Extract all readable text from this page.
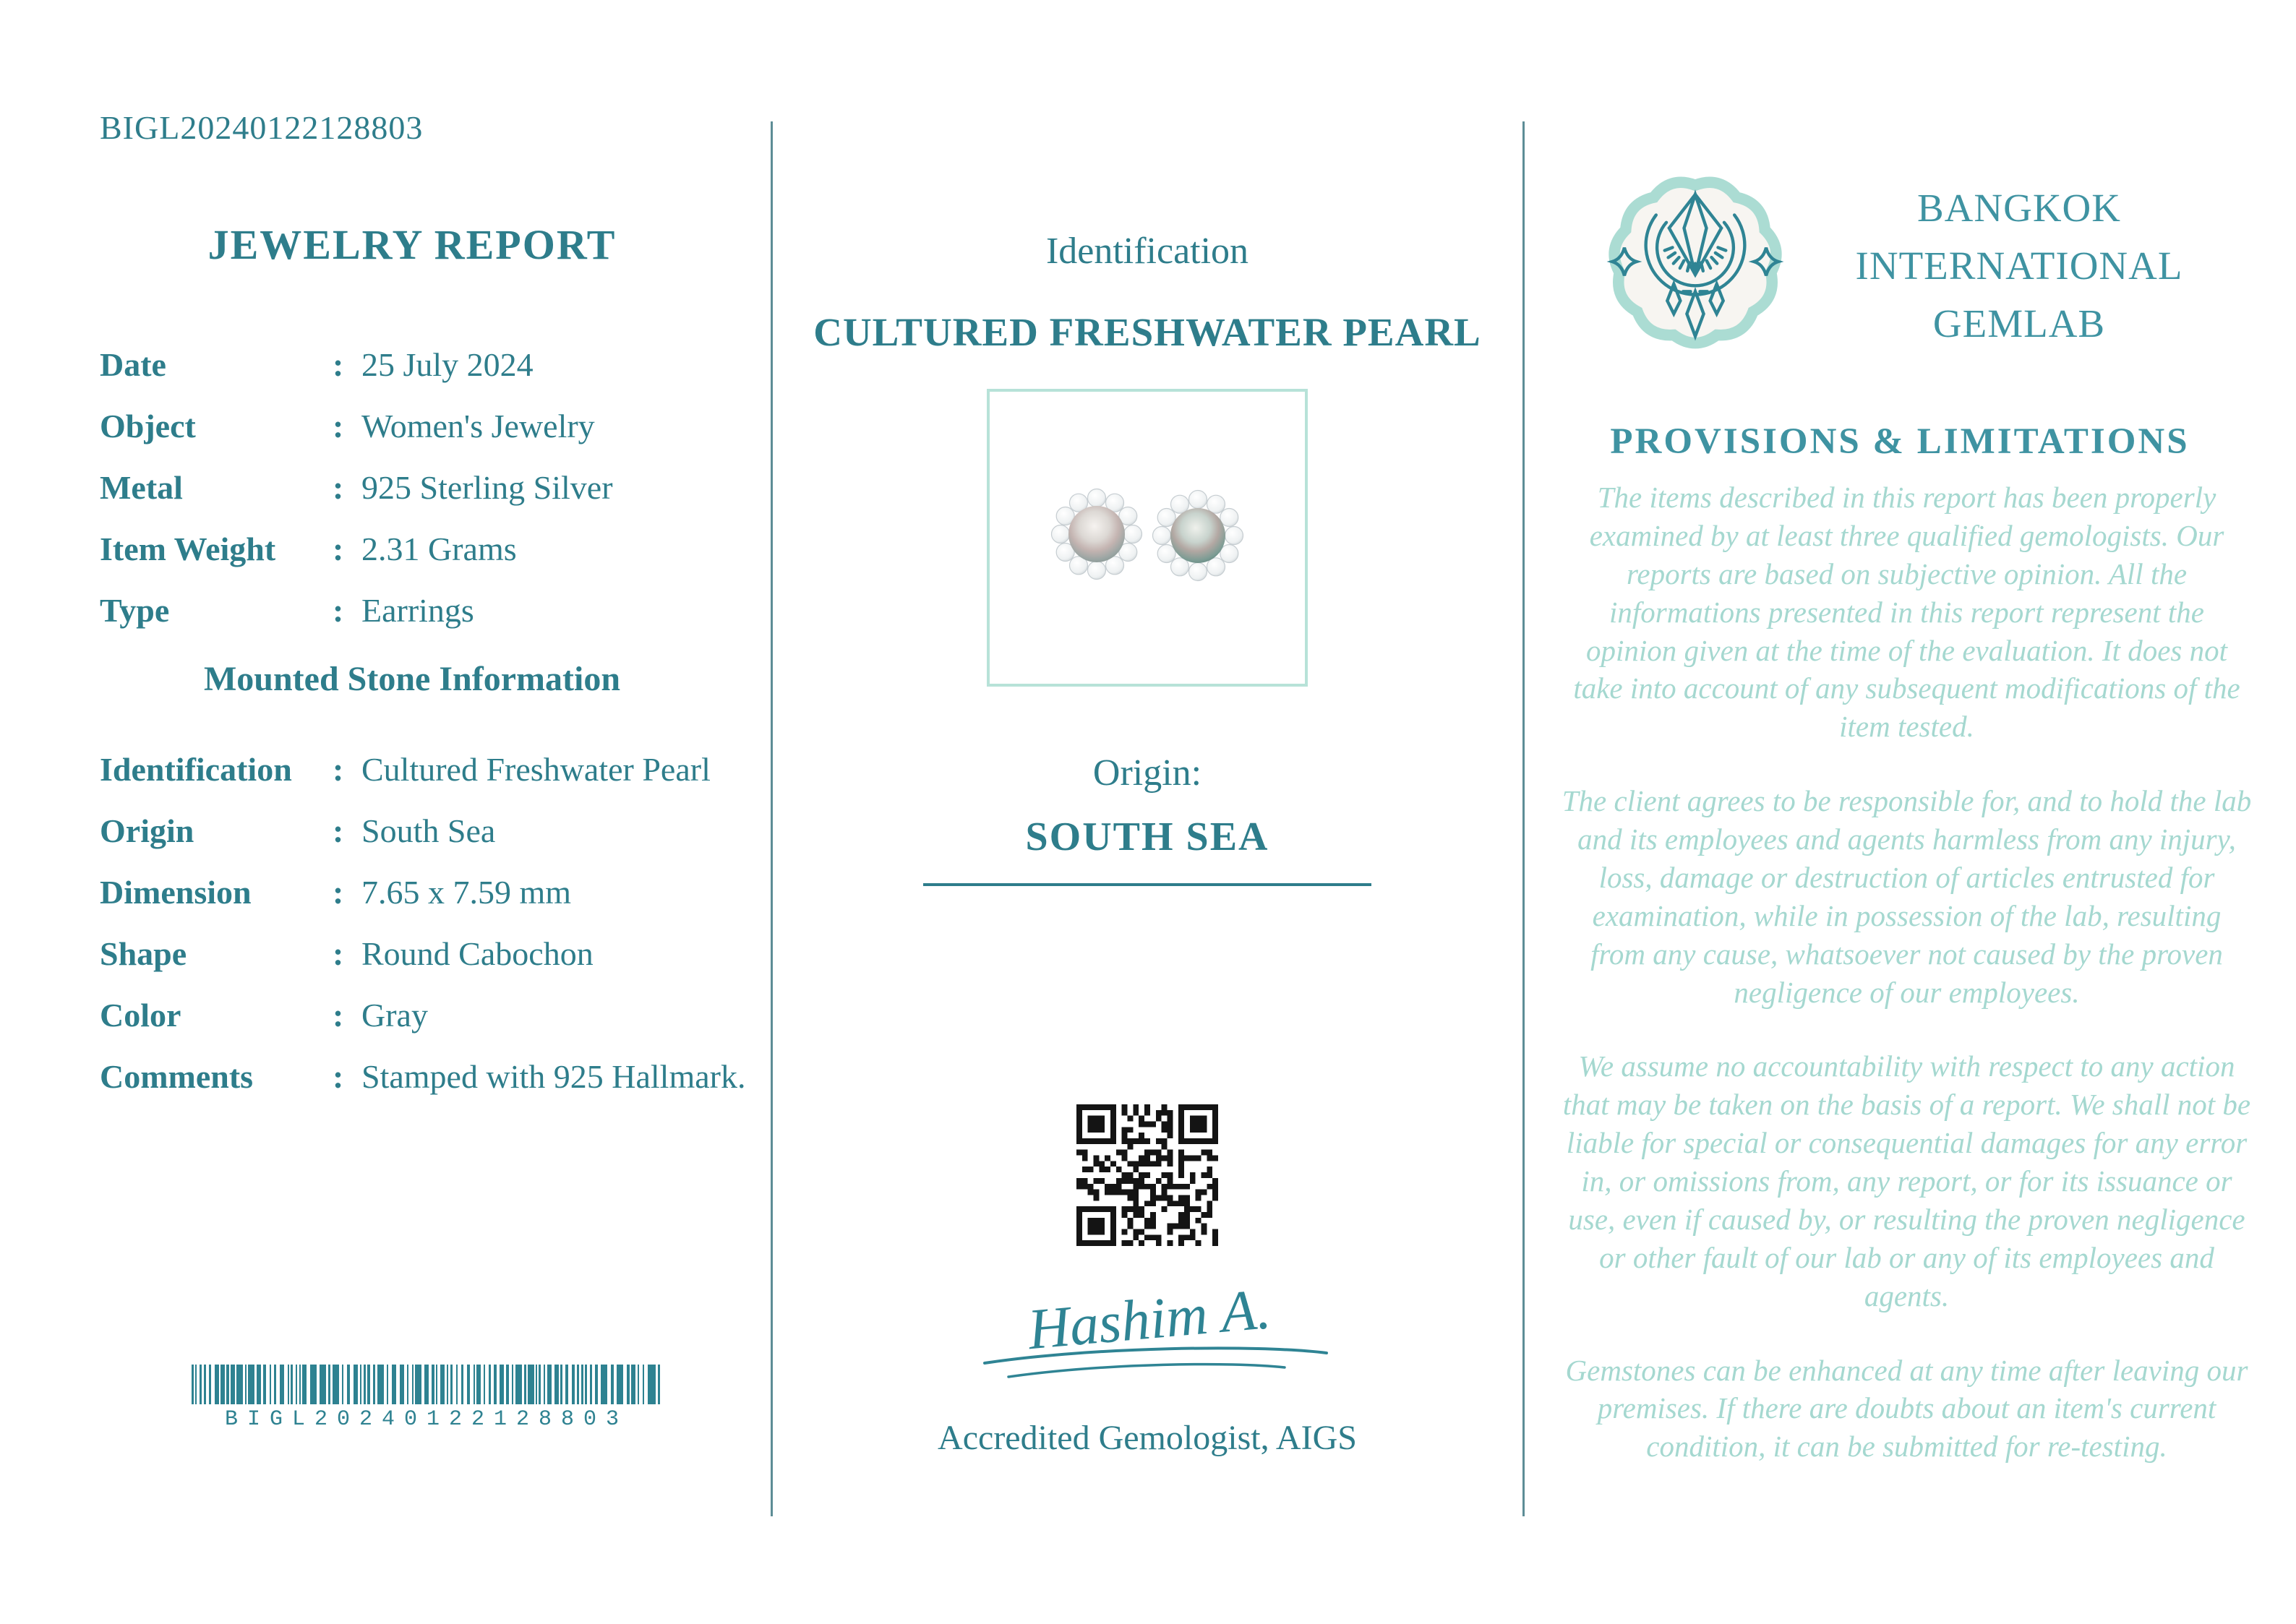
BIGL20240122128803
JEWELRY REPORT
Date	: 25 July 2024
Object	: Women's Jewelry
Metal	: 925 Sterling Silver
Item Weight	: 2.31 Grams
Type	: Earrings
Mounted Stone Information
Identification	: Cultured Freshwater Pearl
Origin	: South Sea
Dimension	: 7.65 x 7.59 mm
Shape	: Round Cabochon
Color	: Gray
Comments	: Stamped with 925 Hallmark.
BIGL20240122128803
Identification
CULTURED FRESHWATER PEARL
Origin:
SOUTH SEA
Hashim A.
Accredited Gemologist, AIGS
BANGKOK
INTERNATIONAL
GEMLAB
PROVISIONS & LIMITATIONS

The items described in this report has been properly examined by at least three qualified gemologists. Our reports are based on subjective opinion. All the informations presented in this report represent the opinion given at the time of the evaluation. It does not take into account of any subsequent modifications of the item tested.

The client agrees to be responsible for, and to hold the lab and its employees and agents harmless from any injury, loss, damage or destruction of articles entrusted for examination, while in possession of the lab, resulting from any cause, whatsoever not caused by the proven negligence of our employees.

We assume no accountability with respect to any action that may be taken on the basis of a report. We shall not be liable for special or consequential damages for any error in, or omissions from, any report, or for its issuance or use, even if caused by, or resulting the proven negligence or other fault of our lab or any of its employees and agents.

Gemstones can be enhanced at any time after leaving our premises. If there are doubts about an item's current condition, it can be submitted for re-testing.
